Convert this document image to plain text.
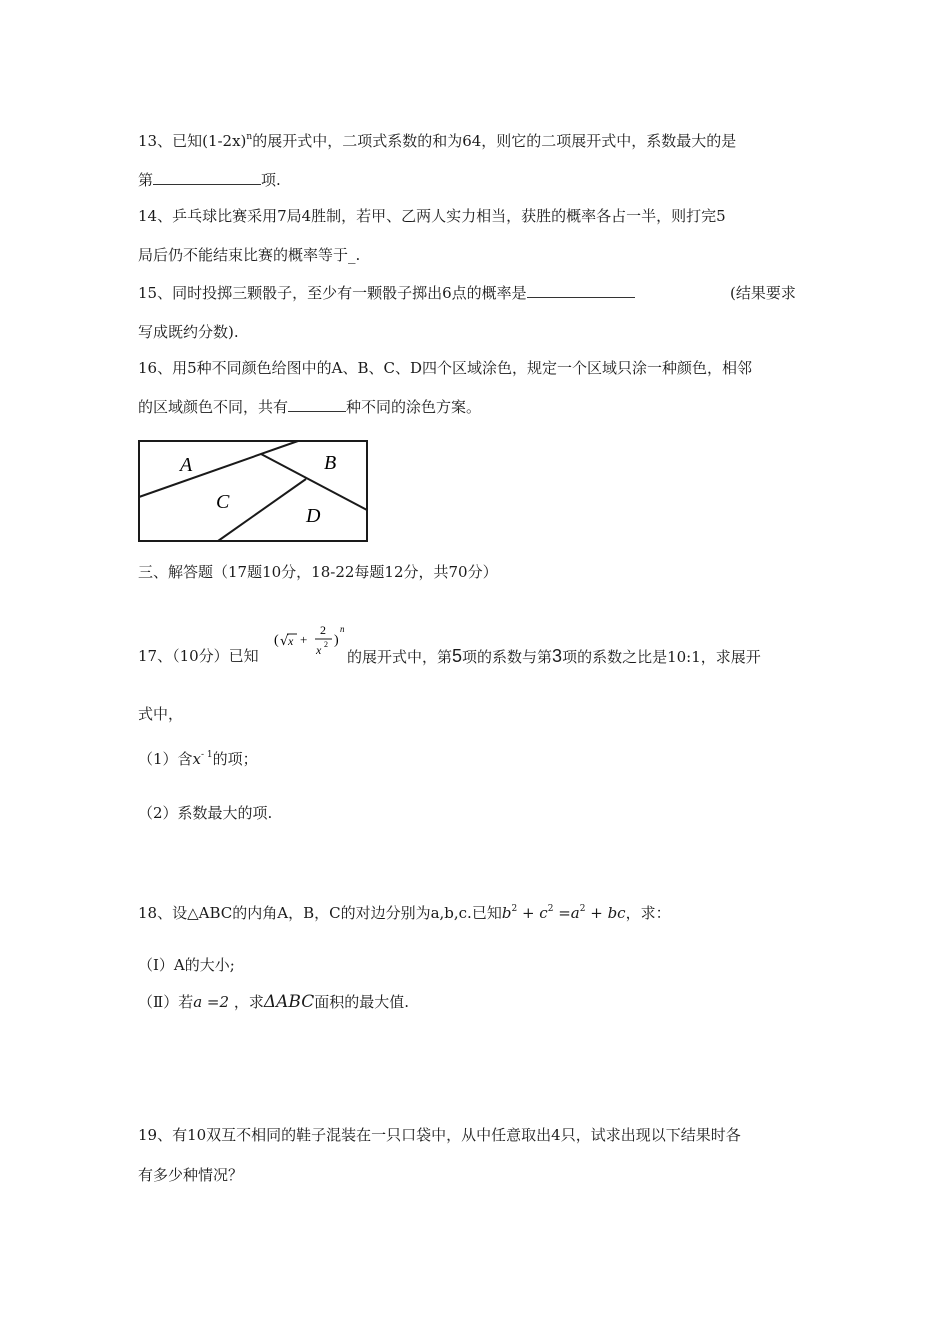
13、已知$(1-2x)^n$的展开式中，二项式系数的和为64，则它的二项展开式中，系数最大的是
第	项.
14、乒乓球比赛采用7局4胜制，若甲、乙两人实力相当，获胜的概率各占一半，则打完5
局后仍不能结束比赛的概率等于_.
15、同时投掷三颗骰子，至少有一颗骰子掷出6点的概率是	(结果要求
写成既约分数).
16、用5种不同颜色给图中的A、B、C、D四个区域涂色，规定一个区域只涂一种颜色，相邻
的区域颜色不同，共有	种不同的涂色方案。
A	B
C
D
三、解答题（17题10分，18-22每题12分，共70分）
17、（10分）已知
( √ x +
2
x 2 )
n
的展开式中，第5项的系数与第3项的系数之比是10:1，求展开
式中，
（1）含$x^{- 1}$的项；
（2）系数最大的项.
18、设△ABC的内角A，B，C的对边分别为a,b,c.已知$b^2 + c^2 =a^2$ + bc，求：
（Ⅰ）A的大小;
（Ⅱ）若a =2 ，求ΔABC面积的最大值.
19、有10双互不相同的鞋子混装在一只口袋中，从中任意取出4只，试求出现以下结果时各
有多少种情况？
